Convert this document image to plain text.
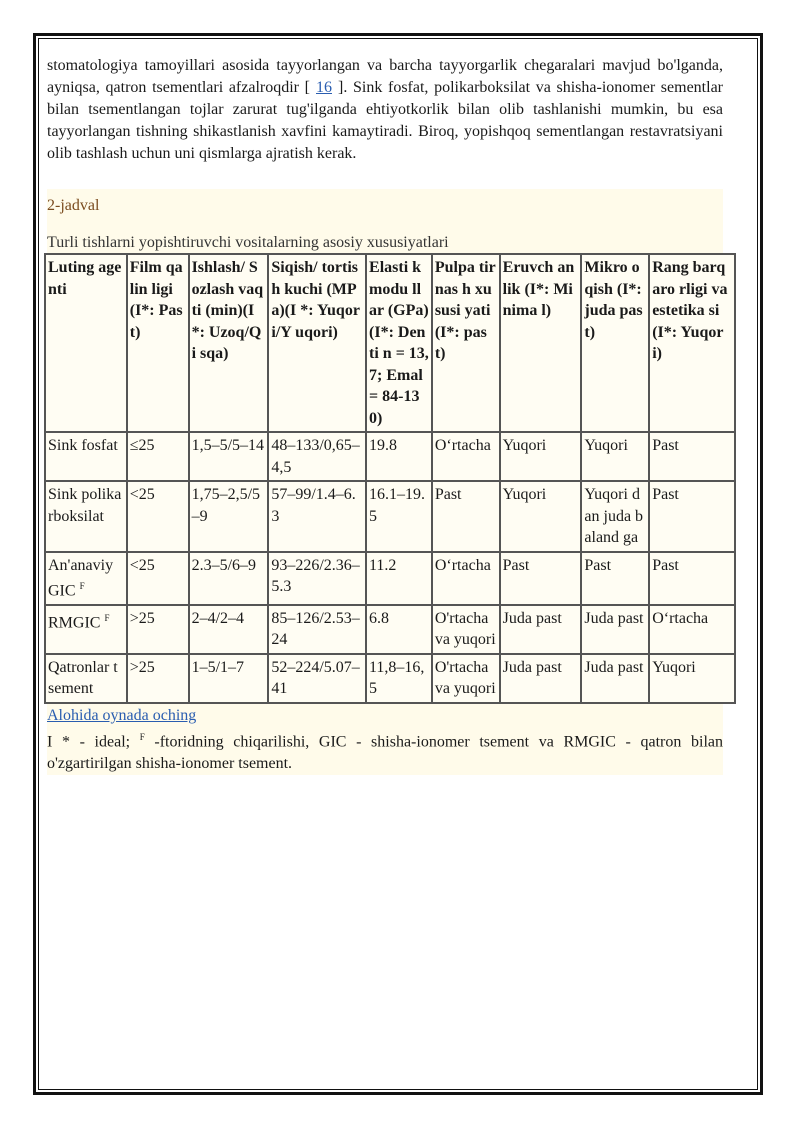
stomatologiya tamoyillari asosida tayyorlangan va barcha tayyorgarlik chegaralari mavjud bo'lganda, ayniqsa, qatron tsementlari afzalroqdir [ 16 ]. Sink fosfat, polikarboksilat va shisha-ionomer sementlar bilan tsementlangan tojlar zarurat tug'ilganda ehtiyotkorlik bilan olib tashlanishi mumkin, bu esa tayyorlangan tishning shikastlanish xavfini kamaytiradi. Biroq, yopishqoq sementlangan restavratsiyani olib tashlash uchun uni qismlarga ajratish kerak.

2-jadval

Turli tishlarni yopishtiruvchi vositalarning asosiy xususiyatlari

Luting agenti	Film qalin ligi (I*: Past)	Ishlash/ Sozlash vaqti (min)(I *: Uzoq/Qi sqa)	Siqish/ tortish kuchi (MPa)(I *: Yuqori/Y uqori)	Elasti k modu llar (GPa) (I*: Denti n = 13,7; Emal = 84-130)	Pulpa tirnas h xususi yati (I*: past)	Eruvch anlik (I*: Minima l)	Mikro oqish (I*: juda past)	Rang barqaro rligi va estetika si (I*: Yuqori)
Sink fosfat	≤25	1,5–5/5–14	48–133/0,65–4,5	19.8	O‘rtacha	Yuqori	Yuqori	Past
Sink polikarboksilat	<25	1,75–2,5/5–9	57–99/1.4–6.3	16.1–19.5	Past	Yuqori	Yuqori dan juda baland ga	Past
An'anaviy GIC $^F$	<25	2.3–5/6–9	93–226/2.36–5.3	11.2	O‘rtacha	Past	Past	Past
RMGIC $^F$	>25	2–4/2–4	85–126/2.53–24	6.8	O'rtacha va yuqori	Juda past	Juda past	O‘rtacha
Qatronlar tsement	>25	1–5/1–7	52–224/5.07–41	11,8–16,5	O'rtacha va yuqori	Juda past	Juda past	Yuqori

Alohida oynada oching

I * - ideal; $^F$ -ftoridning chiqarilishi, GIC - shisha-ionomer tsement va RMGIC - qatron bilan o'zgartirilgan shisha-ionomer tsement.
